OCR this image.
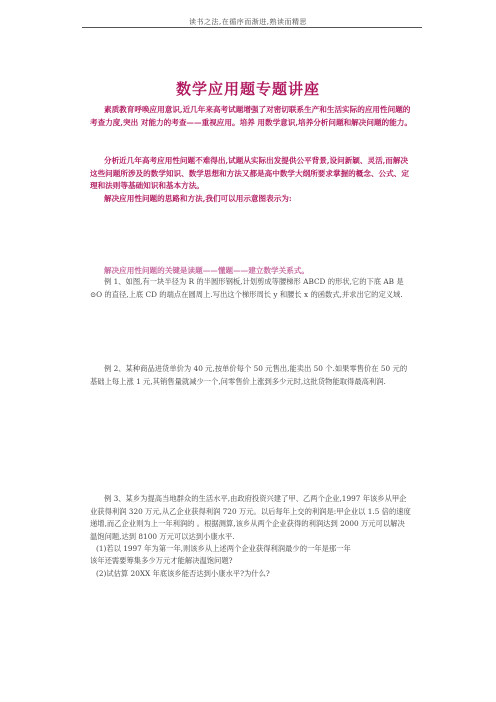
读书之法,在循序而渐进,熟读而精思
数学应用题专题讲座

素质教育呼唤应用意识,近几年来高考试题增强了对密切联系生产和生活实际的应用性问题的考查力度,突出 对能力的考查——重视应用。培养 用数学意识,培养分析问题和解决问题的能力。

分析近几年高考应用性问题不难得出,试题从实际出发提供公平背景,设问新颖、灵活,而解决这些问题所涉及的数学知识、数学思想和方法又都是高中数学大纲所要求掌握的概念、公式、定理和法则等基础知识和基本方法。

解决应用性问题的思路和方法,我们可以用示意图表示为:

解决应用性问题的关键是读题——懂题——建立数学关系式。

例 1、如图,有一块半径为 R 的半圆形钢板,计划剪成等腰梯形 ABCD 的形状,它的下底 AB 是⊙O 的直径,上底 CD 的端点在圆周上.写出这个梯形周长 y 和腰长 x 的函数式,并求出它的定义域.

例 2、某种商品进货单价为 40 元,按单价每个 50 元售出,能卖出 50 个.如果零售价在 50 元的基础上每上涨 1 元,其销售量就减少一个,问零售价上涨到多少元时,这批货物能取得最高利润.

例 3、某乡为提高当地群众的生活水平,由政府投资兴建了甲、乙两个企业,1997 年该乡从甲企业获得利润 320 万元,从乙企业获得利润 720 万元。以后每年上交的利润是:甲企业以 1.5 倍的速度递增,而乙企业则为上一年利润的 。根据测算,该乡从两个企业获得的利润达到 2000 万元可以解决温饱问题,达到 8100 万元可以达到小康水平.

(1)若以 1997 年为第一年,则该乡从上述两个企业获得利润最少的一年是那一年

该年还需要筹集多少万元才能解决温饱问题?

(2)试估算 20XX 年底该乡能否达到小康水平?为什么?
